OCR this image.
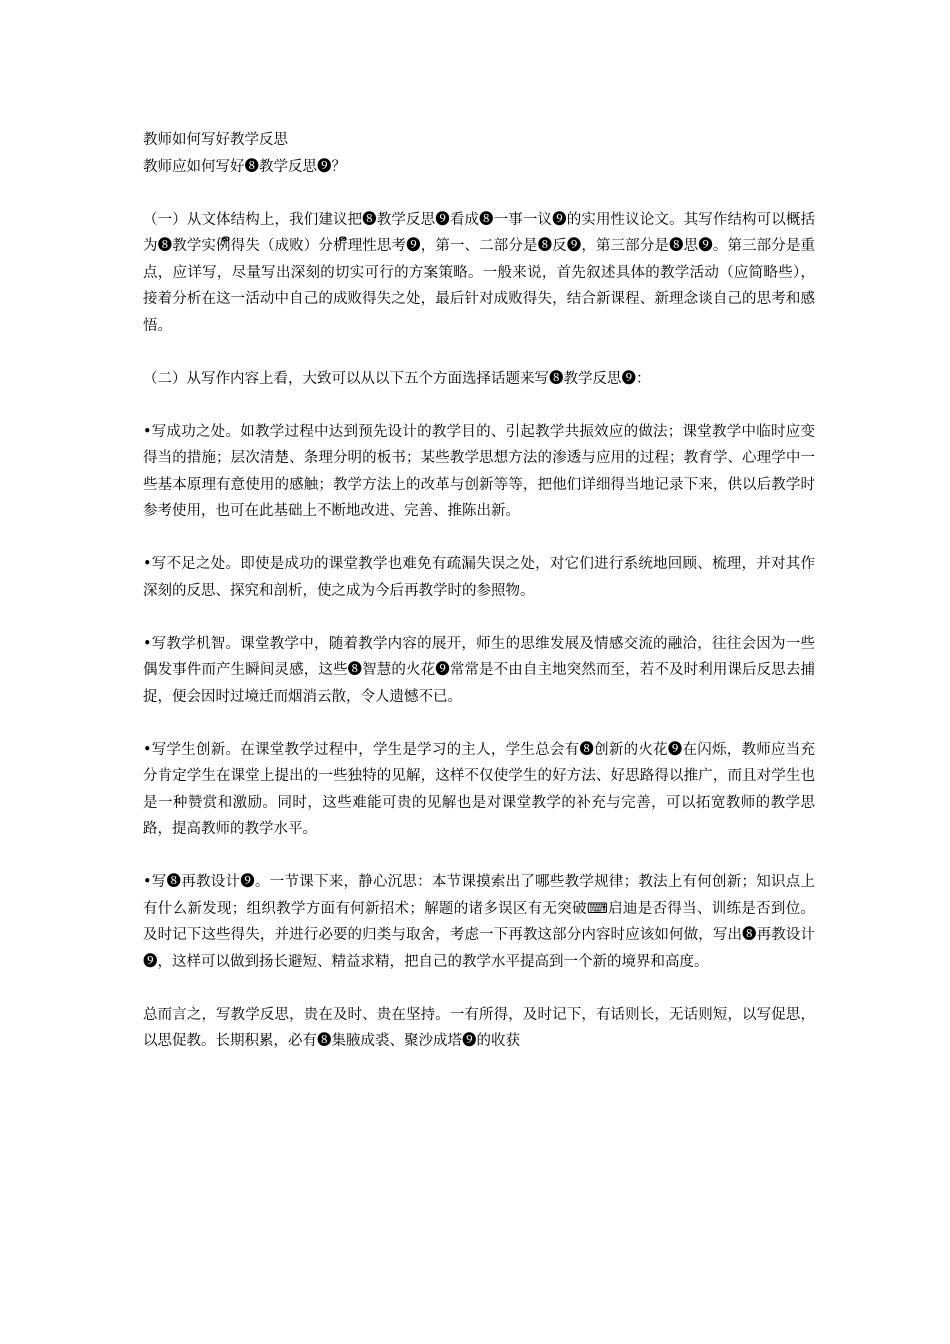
教师如何写好教学反思

教师应如何写好❽教学反思❾？

（一）从文体结构上，我们建议把❽教学反思❾看成❽一事一议❾的实用性议论文。其写作结构可以概括为❽教学实例ຶຶ得失（成败）分析ຶຶ理性思考❾，第一、二部分是❽反❾，第三部分是❽思❾。第三部分是重点，应详写，尽量写出深刻的切实可行的方案策略。一般来说，首先叙述具体的教学活动（应简略些），接着分析在这一活动中自己的成败得失之处，最后针对成败得失，结合新课程、新理念谈自己的思考和感悟。

（二）从写作内容上看，大致可以从以下五个方面选择话题来写❽教学反思❾：

•写成功之处。如教学过程中达到预先设计的教学目的、引起教学共振效应的做法；课堂教学中临时应变得当的措施；层次清楚、条理分明的板书；某些教学思想方法的渗透与应用的过程；教育学、心理学中一些基本原理有意使用的感触；教学方法上的改革与创新等等，把他们详细得当地记录下来，供以后教学时参考使用，也可在此基础上不断地改进、完善、推陈出新。

•写不足之处。即使是成功的课堂教学也难免有疏漏失误之处，对它们进行系统地回顾、梳理，并对其作深刻的反思、探究和剖析，使之成为今后再教学时的参照物。

•写教学机智。课堂教学中，随着教学内容的展开，师生的思维发展及情感交流的融洽，往往会因为一些偶发事件而产生瞬间灵感，这些❽智慧的火花❾常常是不由自主地突然而至，若不及时利用课后反思去捕捉，便会因时过境迁而烟消云散，令人遗憾不已。

•写学生创新。在课堂教学过程中，学生是学习的主人，学生总会有❽创新的火花❾在闪烁，教师应当充分肯定学生在课堂上提出的一些独特的见解，这样不仅使学生的好方法、好思路得以推广，而且对学生也是一种赞赏和激励。同时，这些难能可贵的见解也是对课堂教学的补充与完善，可以拓宽教师的教学思路，提高教师的教学水平。

•写❽再教设计❾。一节课下来，静心沉思：本节课摸索出了哪些教学规律；教法上有何创新；知识点上有什么新发现；组织教学方面有何新招术；解题的诸多误区有无突破⌨启迪是否得当、训练是否到位。及时记下这些得失，并进行必要的归类与取舍，考虑一下再教这部分内容时应该如何做，写出❽再教设计❾，这样可以做到扬长避短、精益求精，把自己的教学水平提高到一个新的境界和高度。

总而言之，写教学反思，贵在及时、贵在坚持。一有所得，及时记下，有话则长，无话则短，以写促思，以思促教。长期积累，必有❽集腋成裘、聚沙成塔❾的收获
